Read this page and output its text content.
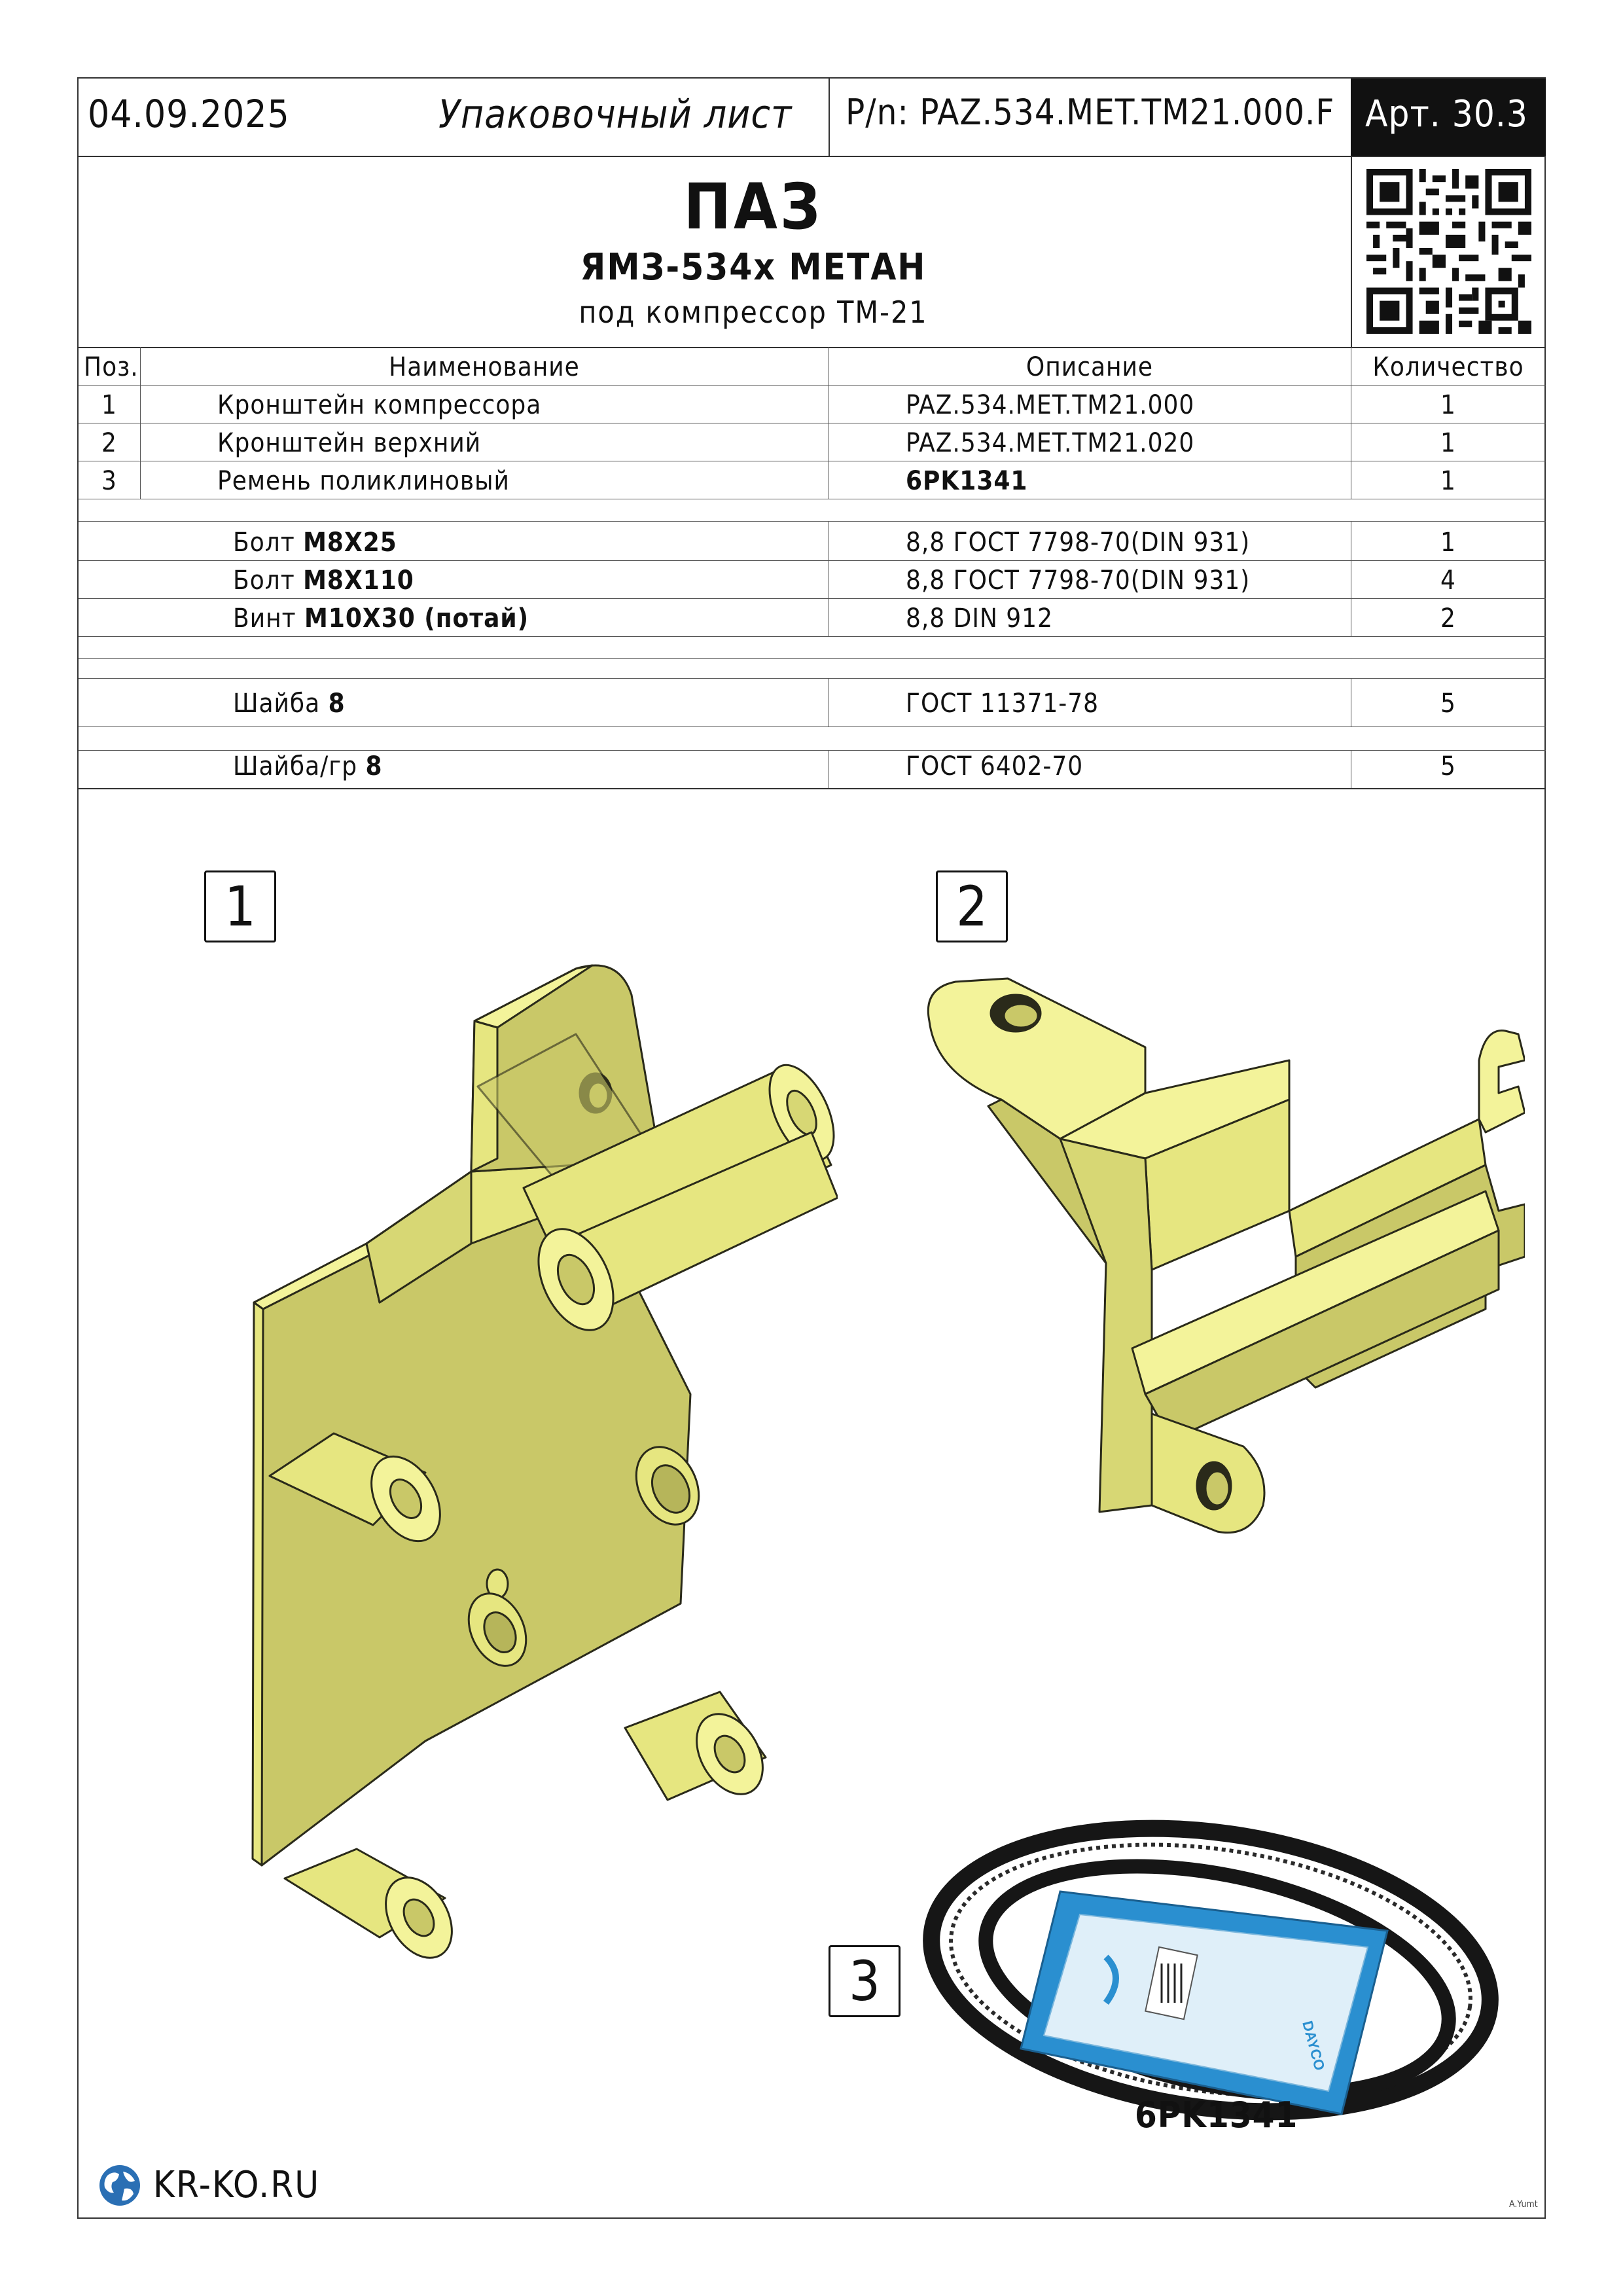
04.09.2025	Упаковочный лист P/n: PAZ.534.MET.TM21.000.F Арт. 30.3
ПАЗ
ЯМЗ-534х МЕТАН
под компрессор ТМ-21
Поз.	Наименование	Описание	Количество
1	Кронштейн компрессора	PAZ.534.MET.TM21.000	1
2	Кронштейн верхний	PAZ.534.MET.TM21.020	1
3	Ремень поликлиновый	6PK1341	1
Болт M8X25	8,8 ГОСТ 7798-70(DIN 931)	1
Болт M8X110	8,8 ГОСТ 7798-70(DIN 931)	4
Винт M10X30 (потай)	8,8 DIN 912	2
Шайба 8	ГОСТ 11371-78	5
Шайба/гр 8	ГОСТ 6402-70	5
1	2
3
DAYCO
6PK1341
KR-KO.RU	A.Yumt
